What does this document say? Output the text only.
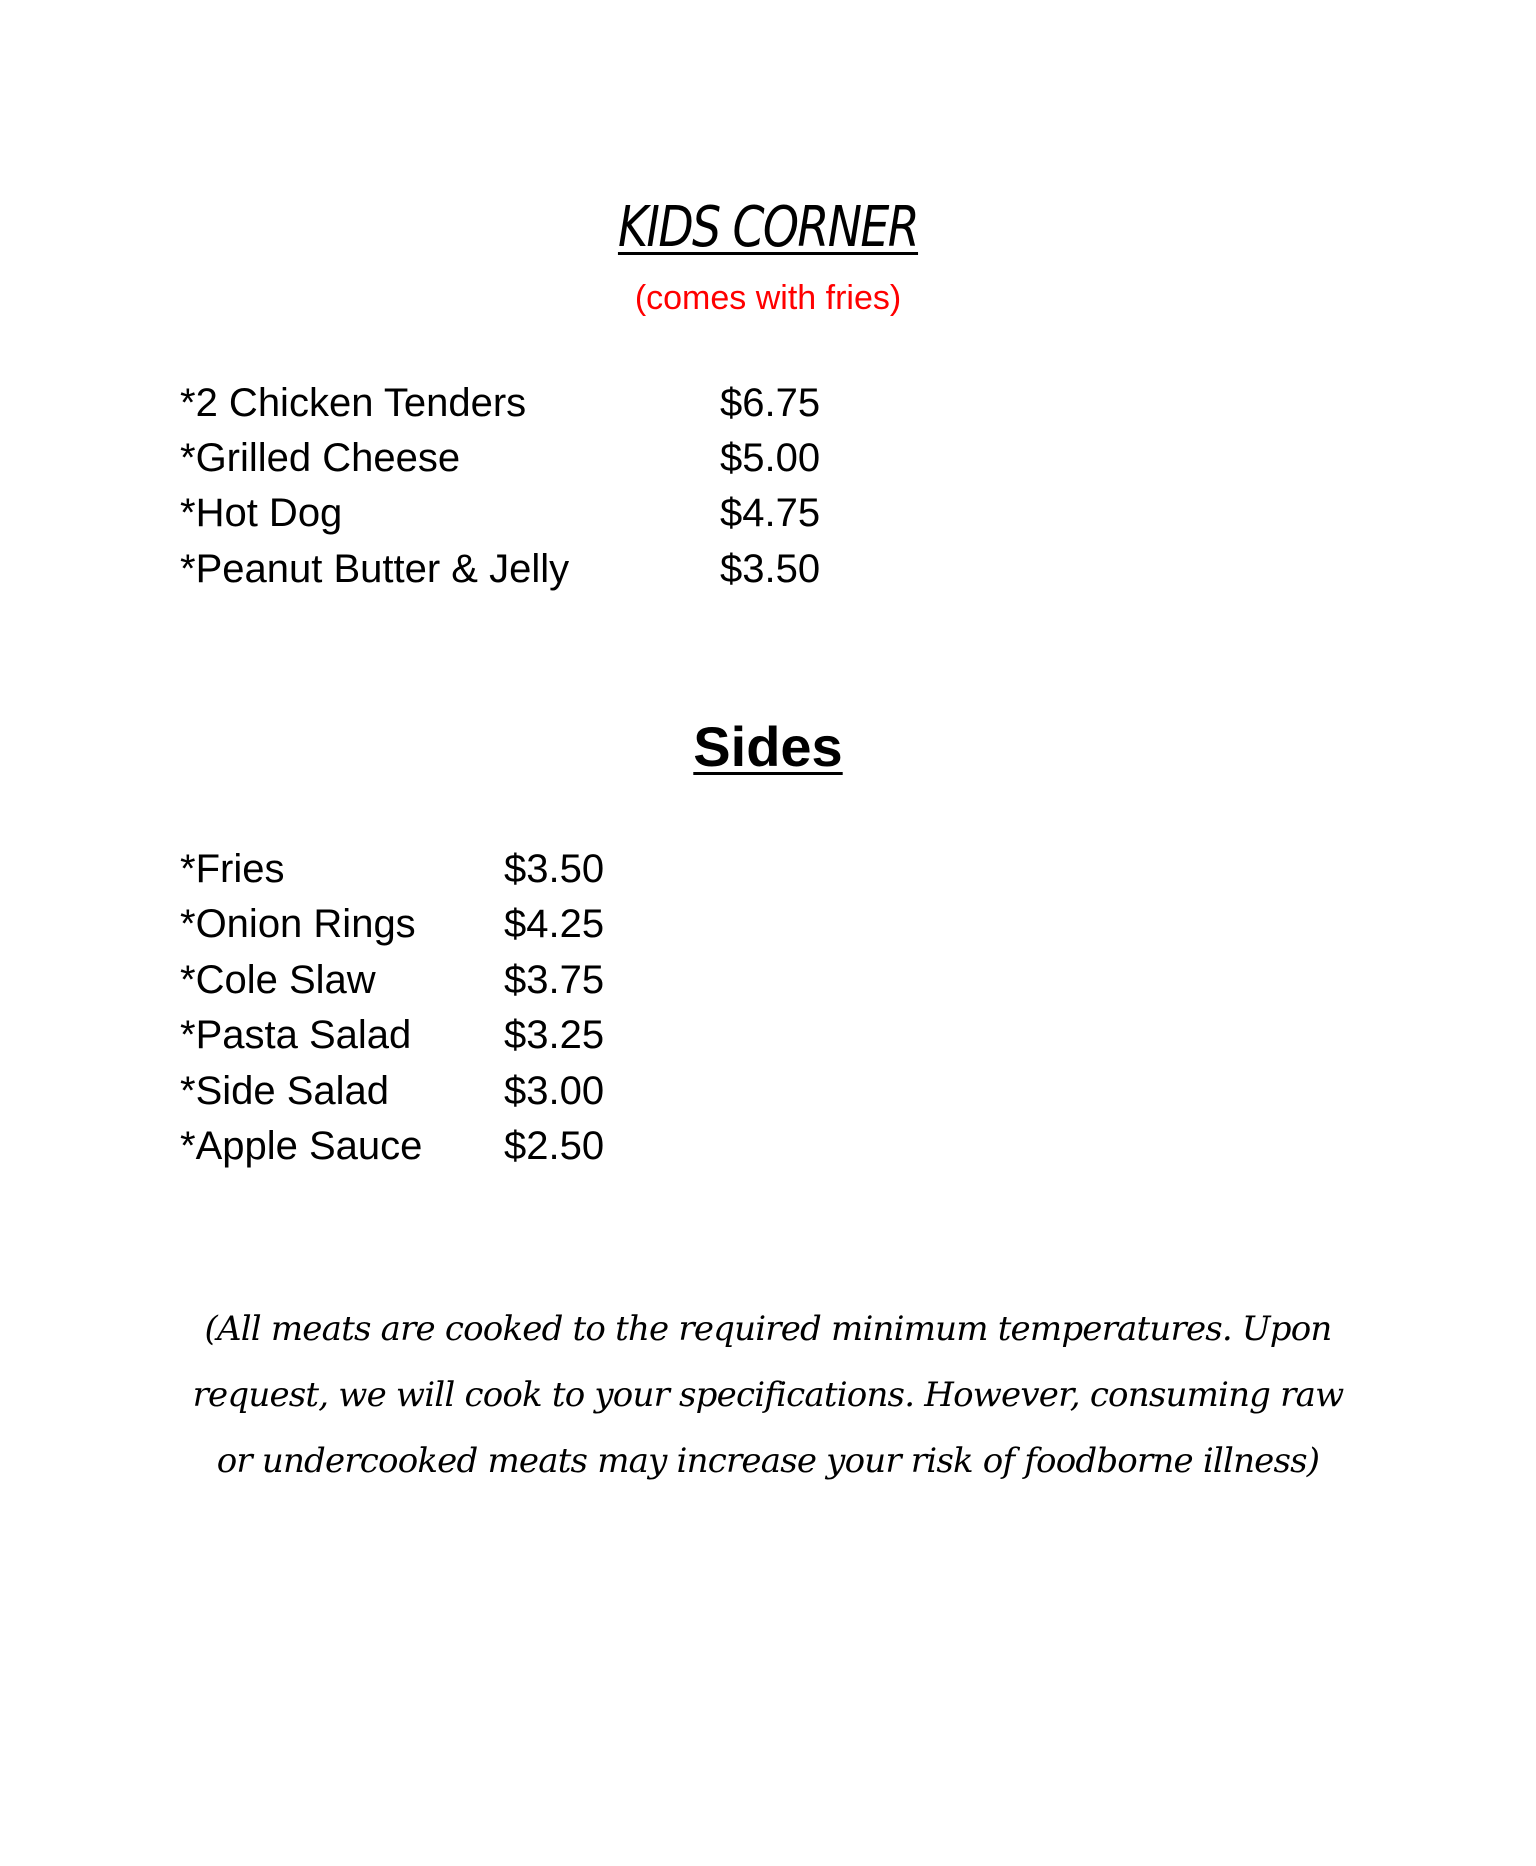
KIDS CORNER
(comes with fries)
*2 Chicken Tenders	$6.75
*Grilled Cheese	$5.00
*Hot Dog	$4.75
*Peanut Butter & Jelly	$3.50
Sides
*Fries	$3.50
*Onion Rings $4.25
*Cole Slaw	$3.75
*Pasta Salad $3.25
*Side Salad	$3.00
*Apple Sauce $2.50
(All meats are cooked to the required minimum temperatures. Upon request, we will cook to your specifications. However, consuming raw or undercooked meats may increase your risk of foodborne illness)
